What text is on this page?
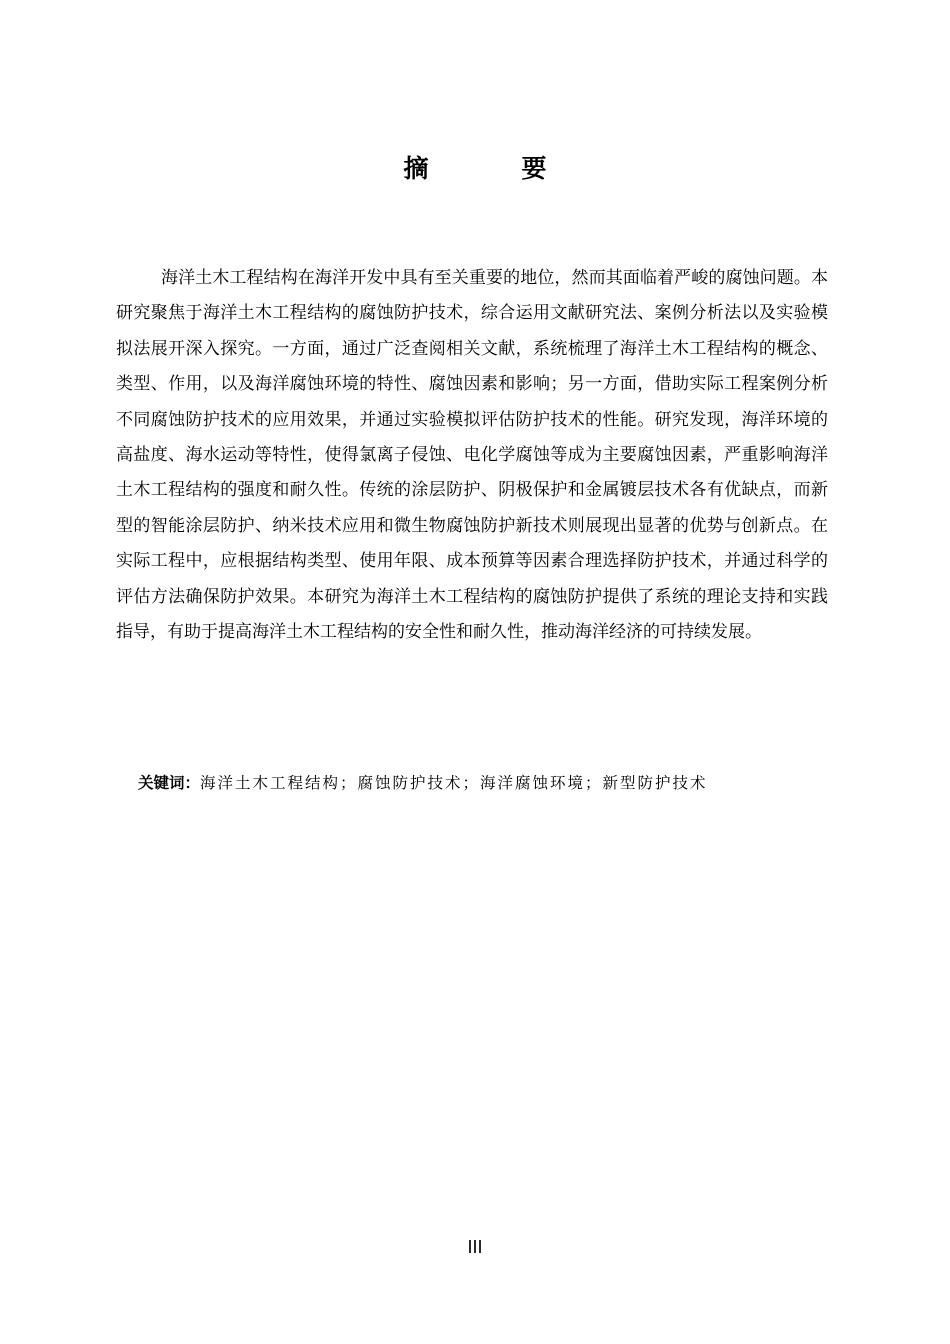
摘　要

海洋土木工程结构在海洋开发中具有至关重要的地位，然而其面临着严峻的腐蚀问题。本研究聚焦于海洋土木工程结构的腐蚀防护技术，综合运用文献研究法、案例分析法以及实验模拟法展开深入探究。一方面，通过广泛查阅相关文献，系统梳理了海洋土木工程结构的概念、类型、作用，以及海洋腐蚀环境的特性、腐蚀因素和影响；另一方面，借助实际工程案例分析不同腐蚀防护技术的应用效果，并通过实验模拟评估防护技术的性能。研究发现，海洋环境的高盐度、海水运动等特性，使得氯离子侵蚀、电化学腐蚀等成为主要腐蚀因素，严重影响海洋土木工程结构的强度和耐久性。传统的涂层防护、阴极保护和金属镀层技术各有优缺点，而新型的智能涂层防护、纳米技术应用和微生物腐蚀防护新技术则展现出显著的优势与创新点。在实际工程中，应根据结构类型、使用年限、成本预算等因素合理选择防护技术，并通过科学的评估方法确保防护效果。本研究为海洋土木工程结构的腐蚀防护提供了系统的理论支持和实践指导，有助于提高海洋土木工程结构的安全性和耐久性，推动海洋经济的可持续发展。

关键词：海洋土木工程结构；腐蚀防护技术；海洋腐蚀环境；新型防护技术
III
